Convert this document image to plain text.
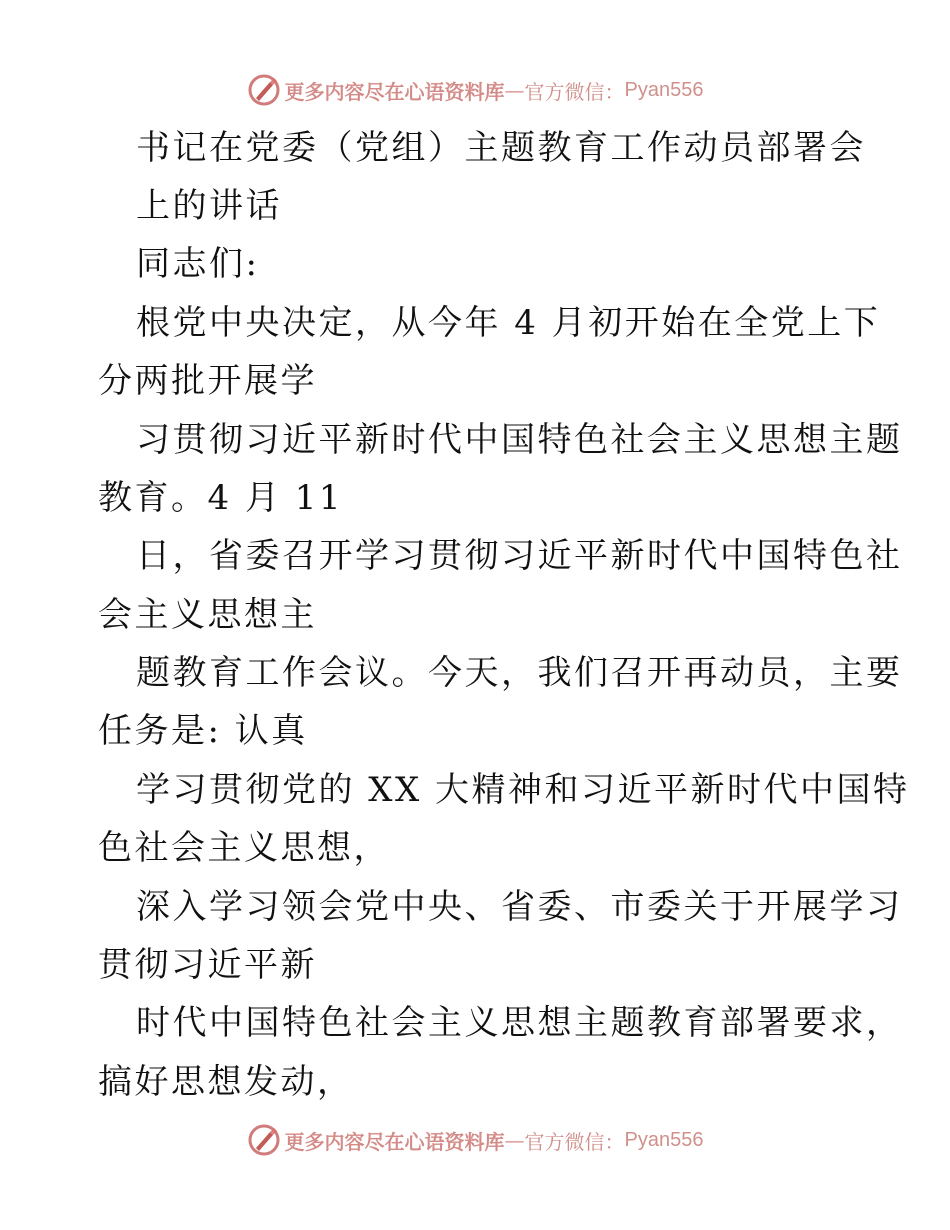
更多内容尽在心语资料库 — 官方微信： Pyan556
书记在党委（党组）主题教育工作动员部署会
上的讲话
同志们:
根党中央决定，从今年 4 月初开始在全党上下
分两批开展学
习贯彻习近平新时代中国特色社会主义思想主题
教育。4 月 11
日，省委召开学习贯彻习近平新时代中国特色社
会主义思想主
题教育工作会议。今天，我们召开再动员，主要
任务是: 认真
学习贯彻党的 XX 大精神和习近平新时代中国特
色社会主义思想，
深入学习领会党中央、省委、市委关于开展学习
贯彻习近平新
时代中国特色社会主义思想主题教育部署要求，
搞好思想发动，
更多内容尽在心语资料库 — 官方微信： Pyan556
